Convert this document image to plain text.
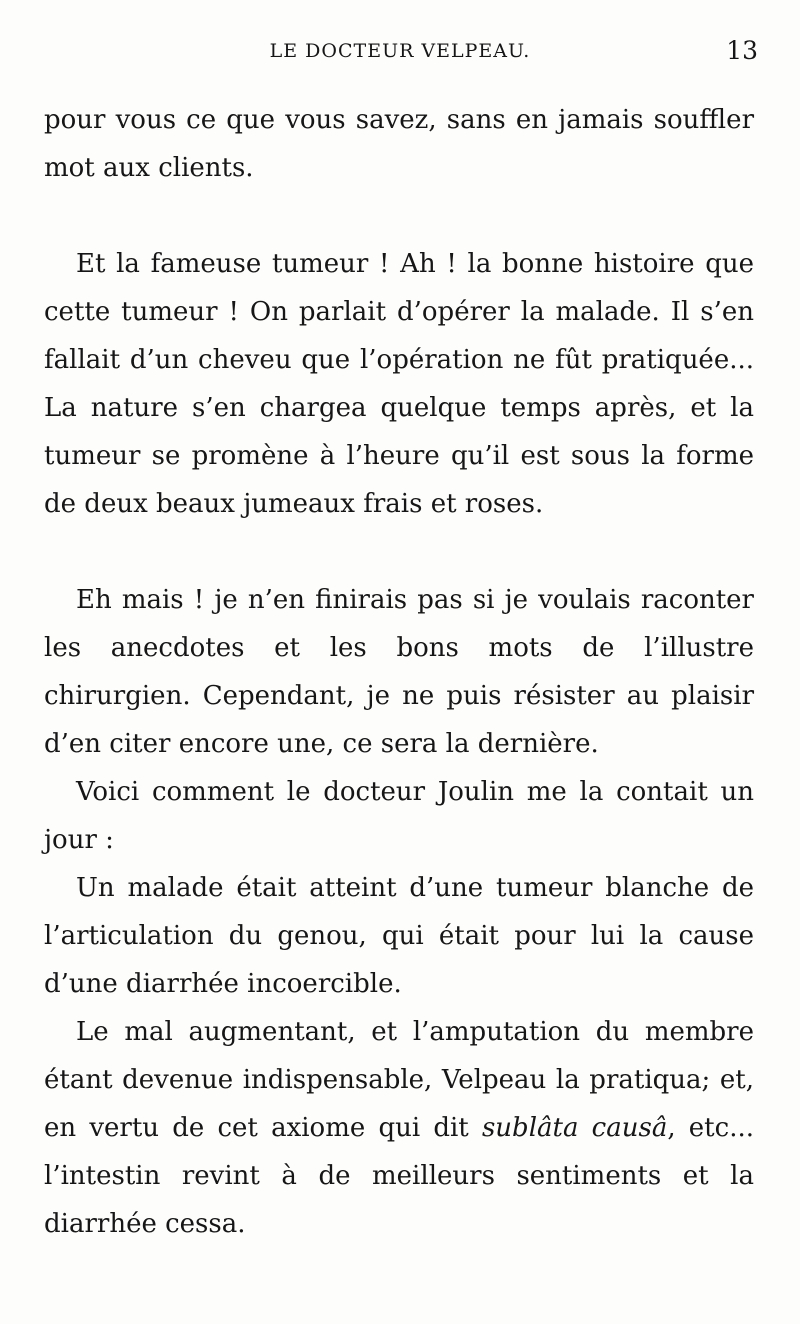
LE DOCTEUR VELPEAU.	13

pour vous ce que vous savez, sans en jamais souffler mot aux clients.

Et la fameuse tumeur ! Ah ! la bonne histoire que cette tumeur ! On parlait d’opérer la malade. Il s’en fallait d’un cheveu que l’opération ne fût pratiquée... La nature s’en chargea quelque temps après, et la tumeur se promène à l’heure qu’il est sous la forme de deux beaux jumeaux frais et roses.

Eh mais ! je n’en finirais pas si je voulais raconter les anecdotes et les bons mots de l’illustre chirurgien. Cependant, je ne puis résister au plaisir d’en citer encore une, ce sera la dernière.

Voici comment le docteur Joulin me la contait un jour :

Un malade était atteint d’une tumeur blanche de l’articulation du genou, qui était pour lui la cause d’une diarrhée incoercible.

Le mal augmentant, et l’amputation du membre étant devenue indispensable, Velpeau la pratiqua; et, en vertu de cet axiome qui dit sublâta causâ, etc... l’intestin revint à de meilleurs sentiments et la diarrhée cessa.
